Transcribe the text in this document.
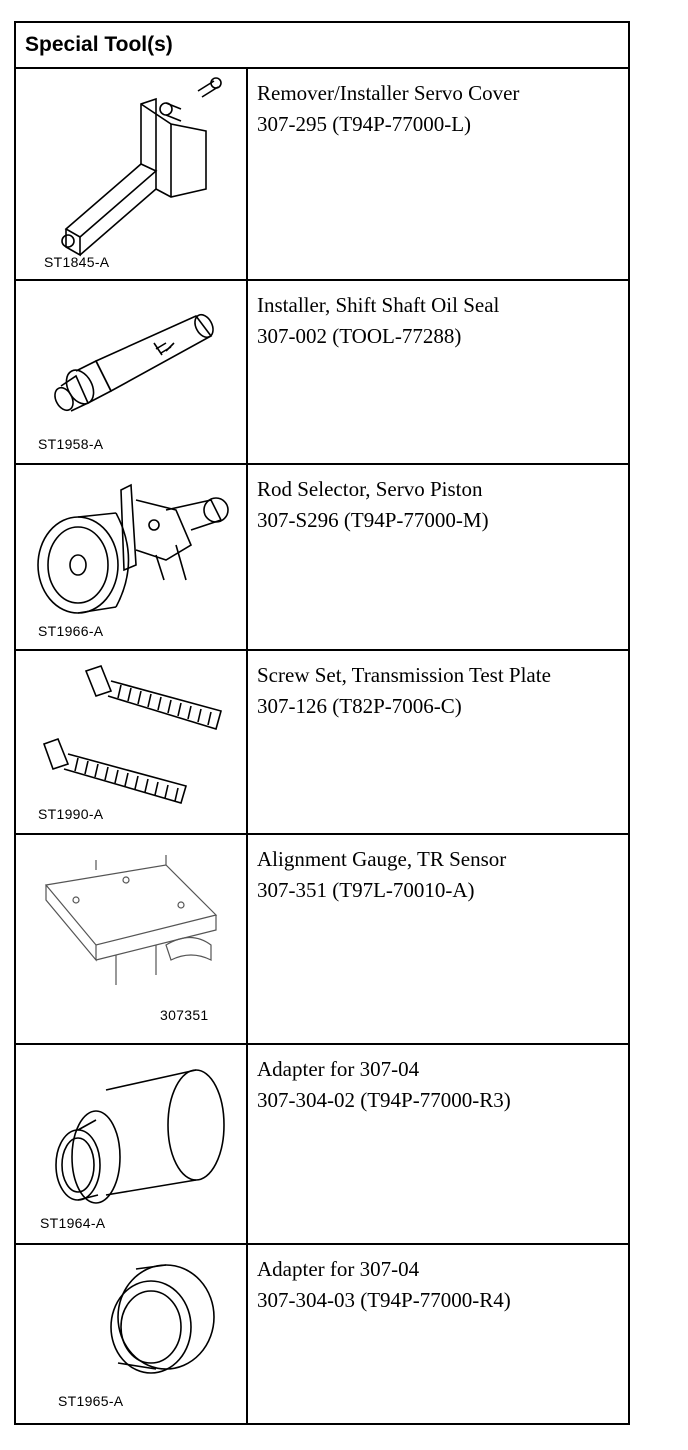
Special Tool(s)
ST1845-A
Remover/Installer Servo Cover
307-295 (T94P-77000-L)
ST1958-A
Installer, Shift Shaft Oil Seal
307-002 (TOOL-77288)
ST1966-A
Rod Selector, Servo Piston
307-S296 (T94P-77000-M)
ST1990-A
Screw Set, Transmission Test Plate
307-126 (T82P-7006-C)
307351
Alignment Gauge, TR Sensor
307-351 (T97L-70010-A)
ST1964-A
Adapter for 307-04
307-304-02 (T94P-77000-R3)
ST1965-A
Adapter for 307-04
307-304-03 (T94P-77000-R4)
